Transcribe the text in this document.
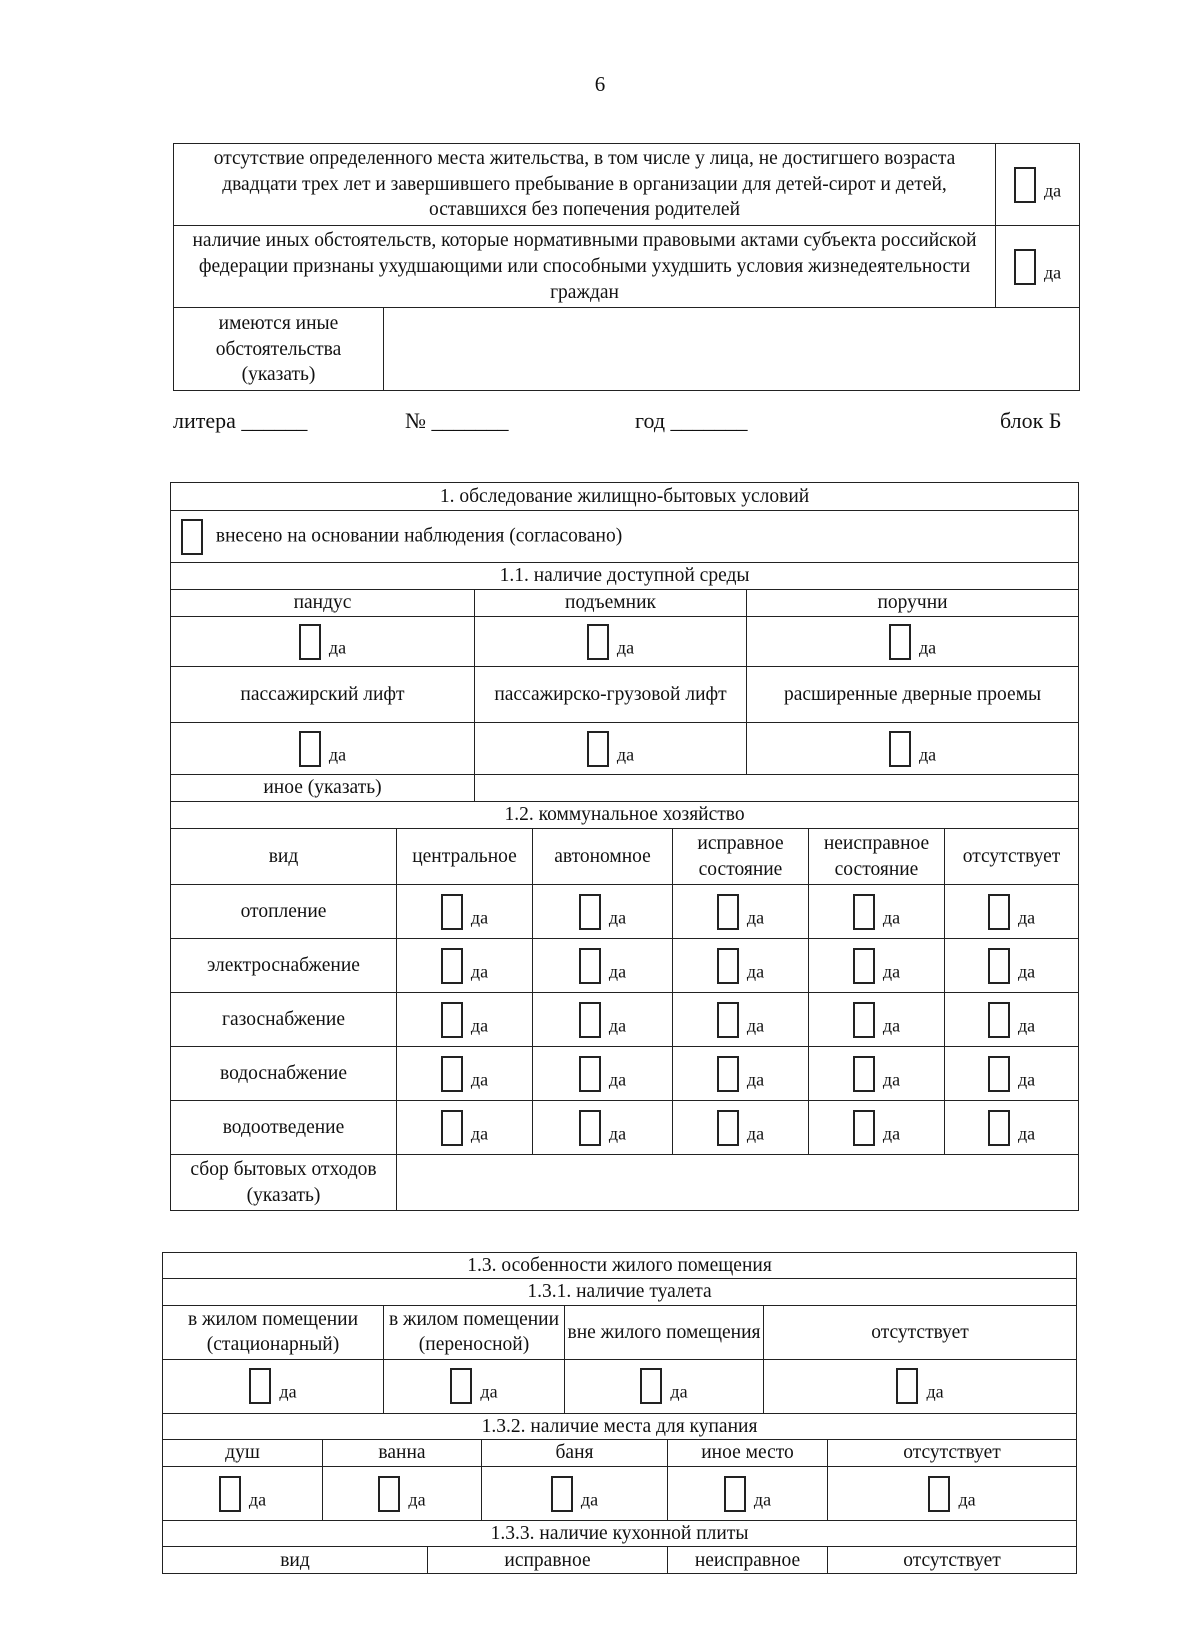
6
отсутствие определенного места жительства, в том числе у лица, не достигшего возраста двадцати трех лет и завершившего пребывание в организации для детей-сирот и детей, оставшихся без попечения родителей		да
наличие иных обстоятельств, которые нормативными правовыми актами субъекта российской федерации признаны ухудшающими или способными ухудшить условия жизнедеятельности граждан		да
имеются иные обстоятельства (указать)		
литера ______	№ _______	год _______	блок Б
1. обследование жилищно-бытовых условий							
внесено на основании наблюдения (согласовано)							
1.1. наличие доступной среды							
пандус		подъемник			поручни		
да		да			да		
пассажирский лифт		пассажирско-грузовой лифт			расширенные дверные проемы		
да		да			да		
иное (указать)							
1.2. коммунальное хозяйство							
вид	центральное		автономное	исправное состояние		неисправное состояние	отсутствует
отопление	да		да	да		да	да
электроснабжение	да		да	да		да	да
газоснабжение	да		да	да		да	да
водоснабжение	да		да	да		да	да
водоотведение	да		да	да		да	да
сбор бытовых отходов (указать)							
1.3. особенности жилого помещения								
1.3.1. наличие туалета								
в жилом помещении (стационарный)		в жилом помещении (переносной)			вне жилого помещения		отсутствует	
да		да			да		да	
1.3.2. наличие места для купания								
душ	ванна			баня		иное место		отсутствует
да	да			да		да		да
1.3.3. наличие кухонной плиты								
вид			исправное			неисправное		отсутствует
